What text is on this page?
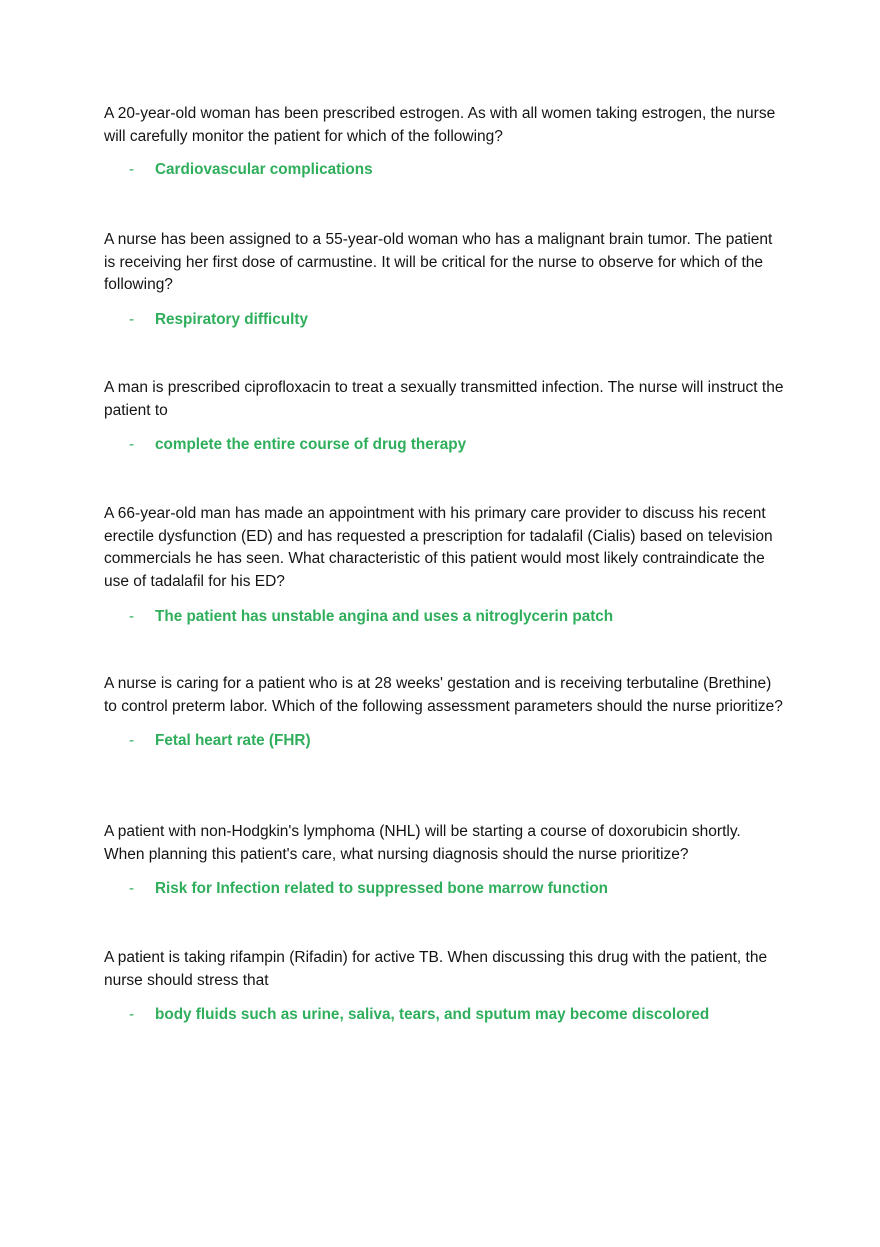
A 20-year-old woman has been prescribed estrogen. As with all women taking estrogen, the nurse will carefully monitor the patient for which of the following?

- Cardiovascular complications

A nurse has been assigned to a 55-year-old woman who has a malignant brain tumor. The patient is receiving her first dose of carmustine. It will be critical for the nurse to observe for which of the following?

- Respiratory difficulty

A man is prescribed ciprofloxacin to treat a sexually transmitted infection. The nurse will instruct the patient to

- complete the entire course of drug therapy

A 66-year-old man has made an appointment with his primary care provider to discuss his recent erectile dysfunction (ED) and has requested a prescription for tadalafil (Cialis) based on television commercials he has seen. What characteristic of this patient would most likely contraindicate the use of tadalafil for his ED?

- The patient has unstable angina and uses a nitroglycerin patch

A nurse is caring for a patient who is at 28 weeks' gestation and is receiving terbutaline (Brethine) to control preterm labor. Which of the following assessment parameters should the nurse prioritize?

- Fetal heart rate (FHR)

A patient with non-Hodgkin's lymphoma (NHL) will be starting a course of doxorubicin shortly. When planning this patient's care, what nursing diagnosis should the nurse prioritize?

- Risk for Infection related to suppressed bone marrow function

A patient is taking rifampin (Rifadin) for active TB. When discussing this drug with the patient, the nurse should stress that

- body fluids such as urine, saliva, tears, and sputum may become discolored
